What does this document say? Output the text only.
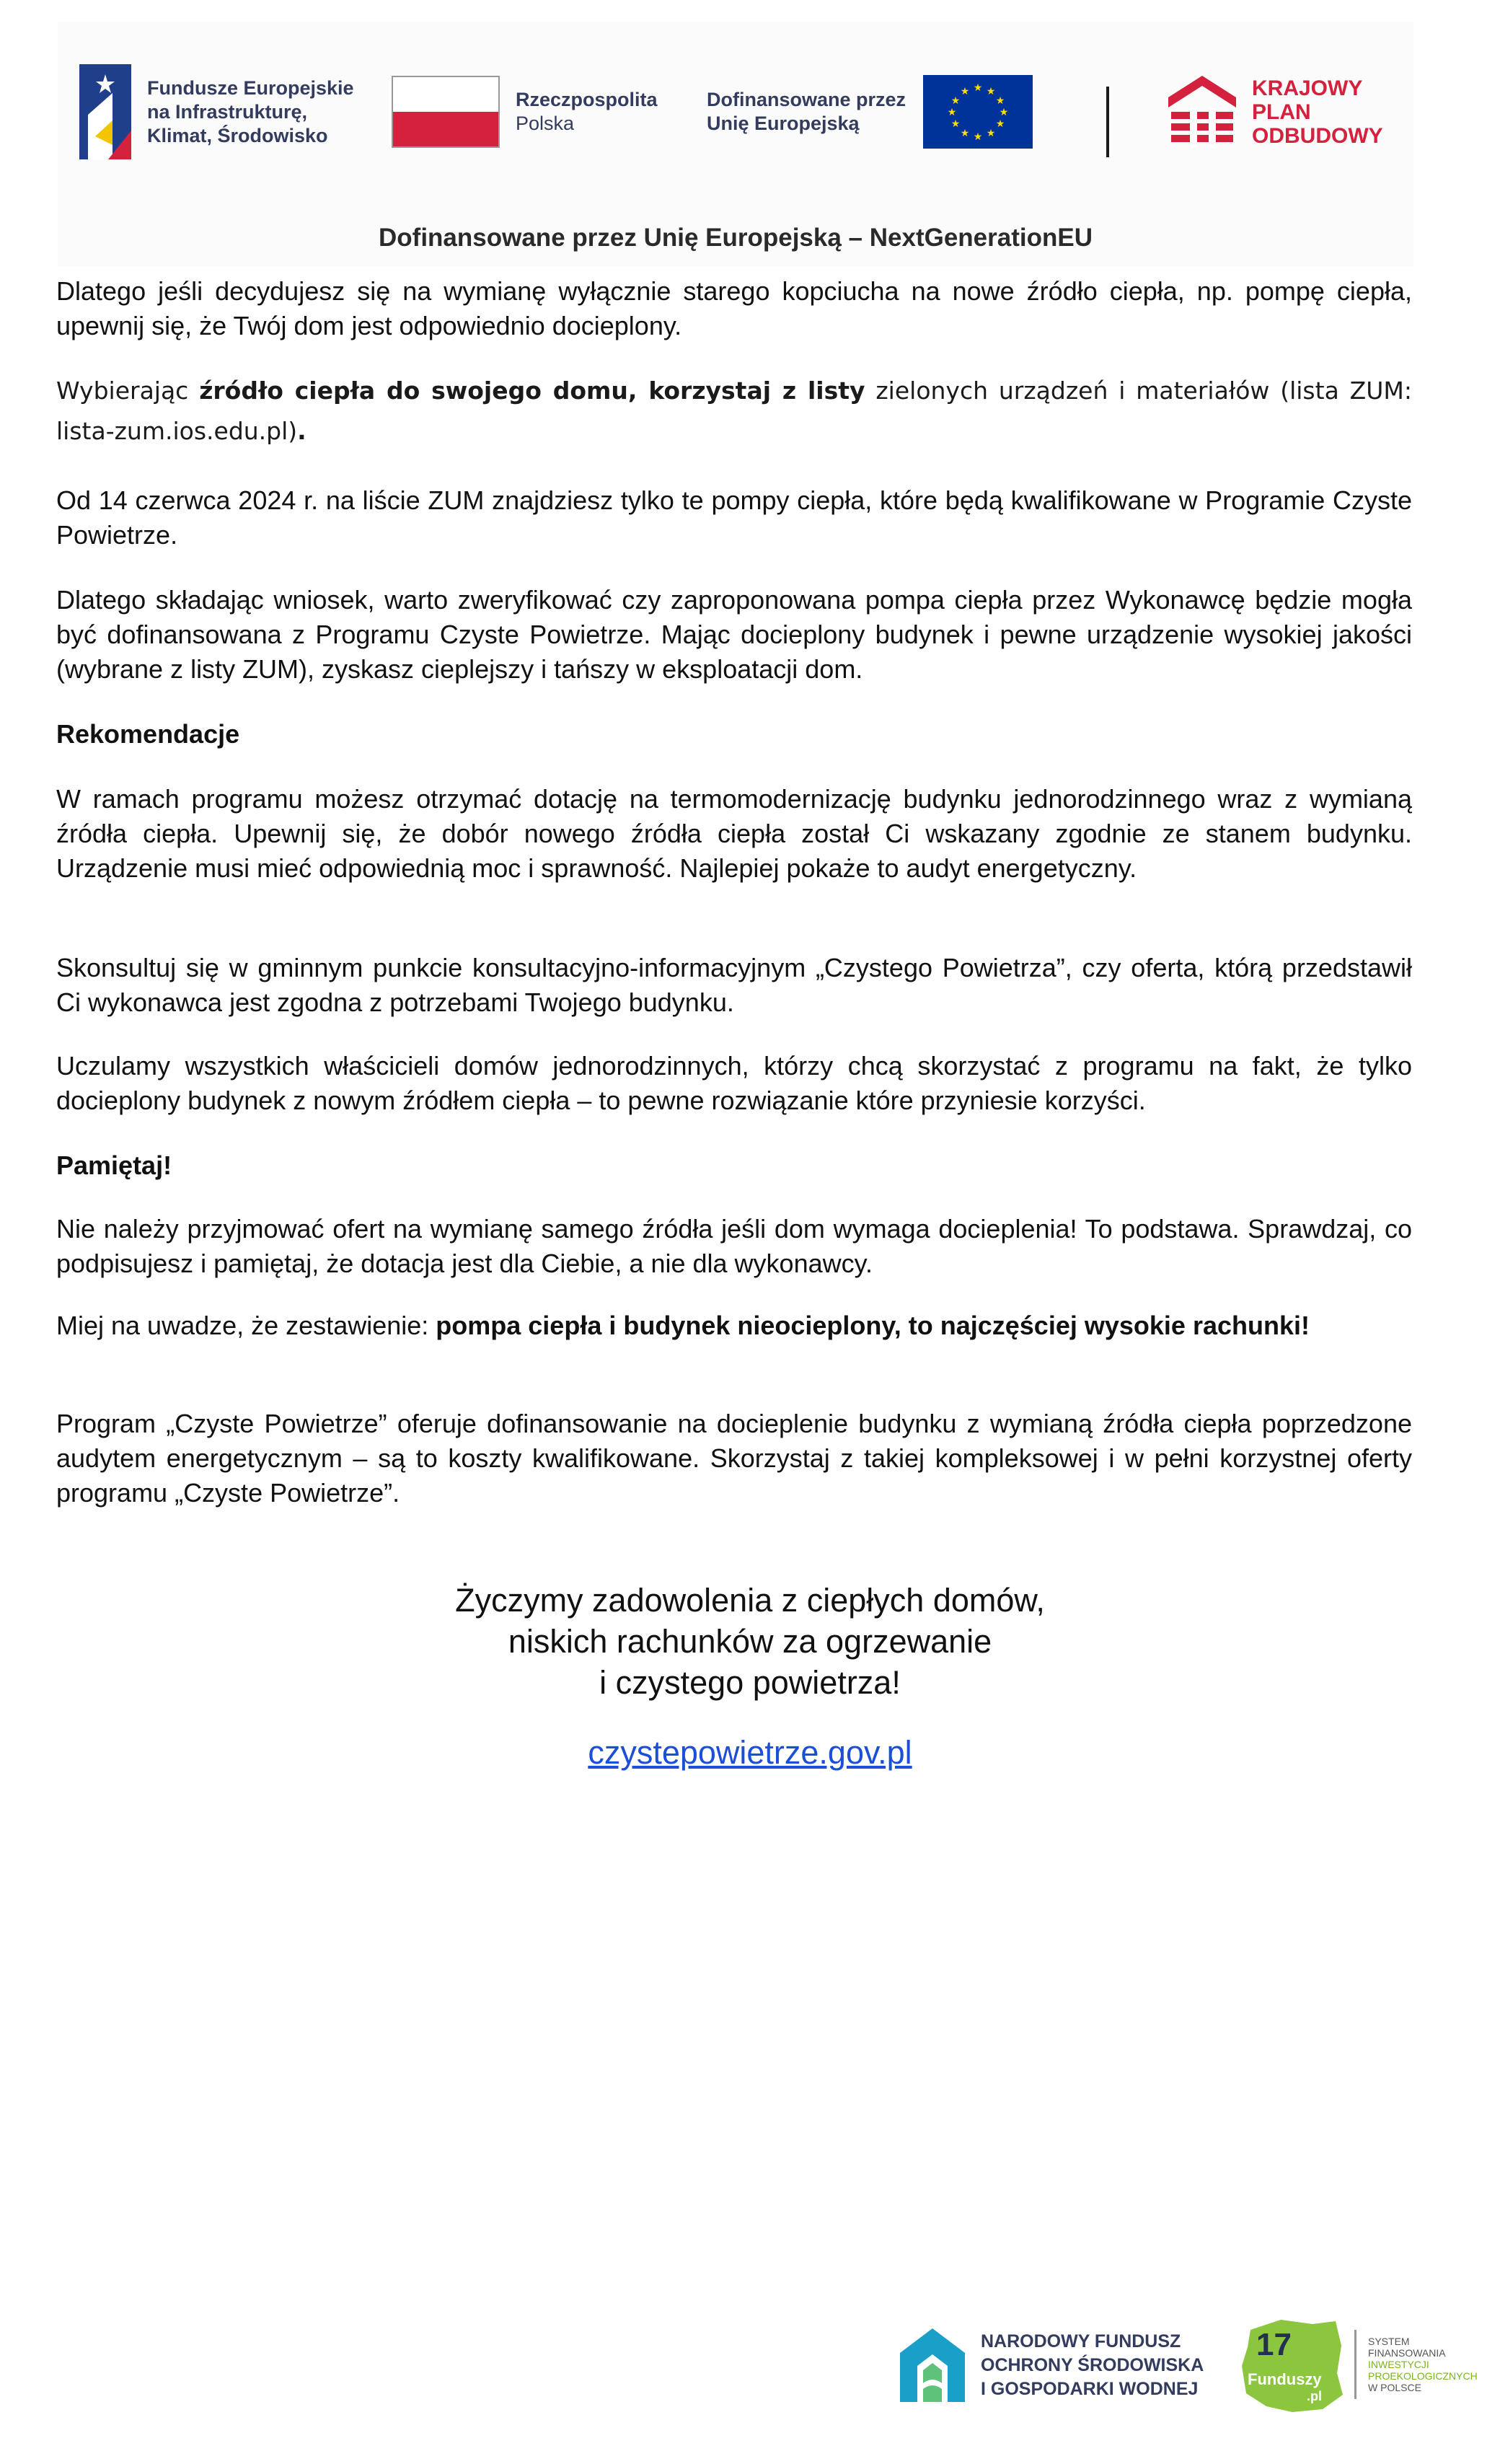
Fundusze Europejskie
na Infrastrukturę,
Klimat, Środowisko
Rzeczpospolita
Polska
Dofinansowane przez
Unię Europejską
★ ★
★
★
★
★
★
★
★
★
★
★	KRAJOWY
PLAN
ODBUDOWY
Dofinansowane przez Unię Europejską – NextGenerationEU

Dlatego jeśli decydujesz się na wymianę wyłącznie starego kopciucha na nowe źródło ciepła, np. pompę ciepła, upewnij się, że Twój dom jest odpowiednio docieplony.

Wybierając źródło ciepła do swojego domu, korzystaj z listy zielonych urządzeń i materiałów (lista ZUM: lista-zum.ios.edu.pl).

Od 14 czerwca 2024 r. na liście ZUM znajdziesz tylko te pompy ciepła, które będą kwalifikowane w Programie Czyste Powietrze.

Dlatego składając wniosek, warto zweryfikować czy zaproponowana pompa ciepła przez Wykonawcę będzie mogła być dofinansowana z Programu Czyste Powietrze. Mając docieplony budynek i pewne urządzenie wysokiej jakości (wybrane z listy ZUM), zyskasz cieplejszy i tańszy w eksploatacji dom.

Rekomendacje

W ramach programu możesz otrzymać dotację na termomodernizację budynku jednorodzinnego wraz z wymianą źródła ciepła. Upewnij się, że dobór nowego źródła ciepła został Ci wskazany zgodnie ze stanem budynku. Urządzenie musi mieć odpowiednią moc i sprawność. Najlepiej pokaże to audyt energetyczny.

Skonsultuj się w gminnym punkcie konsultacyjno-informacyjnym „Czystego Powietrza”, czy oferta, którą przedstawił Ci wykonawca jest zgodna z potrzebami Twojego budynku.

Uczulamy wszystkich właścicieli domów jednorodzinnych, którzy chcą skorzystać z programu na fakt, że tylko docieplony budynek z nowym źródłem ciepła – to pewne rozwiązanie które przyniesie korzyści.

Pamiętaj!

Nie należy przyjmować ofert na wymianę samego źródła jeśli dom wymaga docieplenia! To podstawa. Sprawdzaj, co podpisujesz i pamiętaj, że dotacja jest dla Ciebie, a nie dla wykonawcy.

Miej na uwadze, że zestawienie: pompa ciepła i budynek nieocieplony, to najczęściej wysokie rachunki!

Program „Czyste Powietrze” oferuje dofinansowanie na docieplenie budynku z wymianą źródła ciepła poprzedzone audytem energetycznym – są to koszty kwalifikowane. Skorzystaj z takiej kompleksowej i w pełni korzystnej oferty programu „Czyste Powietrze”.

Życzymy zadowolenia z ciepłych domów,
niskich rachunków za ogrzewanie
i czystego powietrza!
czystepowietrze.gov.pl
NARODOWY FUNDUSZ
OCHRONY ŚRODOWISKA
I GOSPODARKI WODNEJ
17
Funduszy
.pl
SYSTEM
FINANSOWANIA
INWESTYCJI
PROEKOLOGICZNYCH
W POLSCE
